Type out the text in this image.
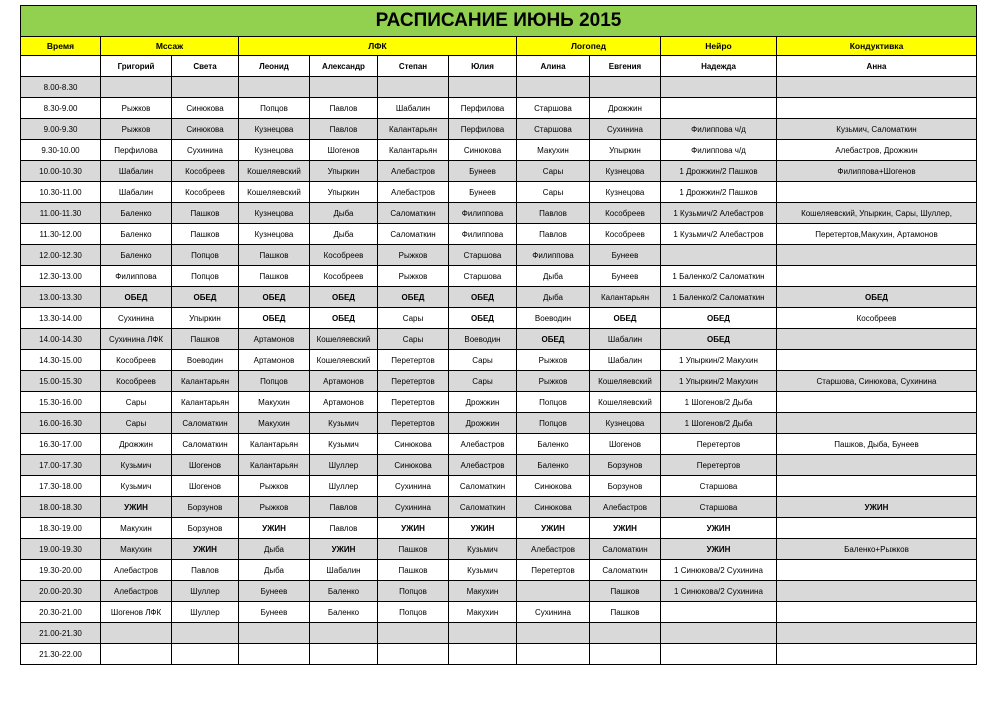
РАСПИСАНИЕ ИЮНЬ 2015										
Время	Мссаж		ЛФК				Логопед		Нейро	Кондуктивка
	Григорий	Света	Леонид	Александр	Степан	Юлия	Алина	Евгения	Надежда	Анна
8.00-8.30										
8.30-9.00	Рыжков	Синюкова	Попцов	Павлов	Шабалин	Перфилова	Старшова	Дрожжин		
9.00-9.30	Рыжков	Синюкова	Кузнецова	Павлов	Калантарьян	Перфилова	Старшова	Сухинина	Филиппова ч/д	Кузьмич, Саломаткин
9.30-10.00	Перфилова	Сухинина	Кузнецова	Шогенов	Калантарьян	Синюкова	Макухин	Упыркин	Филиппова ч/д	Алебастров, Дрожжин
10.00-10.30	Шабалин	Кособреев	Кошеляевский	Упыркин	Алебастров	Бунеев	Сары	Кузнецова	1 Дрожжин/2 Пашков	Филиппова+Шогенов
10.30-11.00	Шабалин	Кособреев	Кошеляевский	Упыркин	Алебастров	Бунеев	Сары	Кузнецова	1 Дрожжин/2 Пашков	
11.00-11.30	Баленко	Пашков	Кузнецова	Дыба	Саломаткин	Филиппова	Павлов	Кособреев	1 Кузьмич/2 Алебастров	Кошеляевский, Упыркин, Сары, Шуллер,
11.30-12.00	Баленко	Пашков	Кузнецова	Дыба	Саломаткин	Филиппова	Павлов	Кособреев	1 Кузьмич/2 Алебастров	Перетертов,Макухин, Артамонов
12.00-12.30	Баленко	Попцов	Пашков	Кособреев	Рыжков	Старшова	Филиппова	Бунеев		
12.30-13.00	Филиппова	Попцов	Пашков	Кособреев	Рыжков	Старшова	Дыба	Бунеев	1 Баленко/2 Саломаткин	
13.00-13.30	ОБЕД	ОБЕД	ОБЕД	ОБЕД	ОБЕД	ОБЕД	Дыба	Калантарьян	1 Баленко/2 Саломаткин	ОБЕД
13.30-14.00	Сухинина	Упыркин	ОБЕД	ОБЕД	Сары	ОБЕД	Воеводин	ОБЕД	ОБЕД	Кособреев
14.00-14.30	Сухинина ЛФК	Пашков	Артамонов	Кошеляевский	Сары	Воеводин	ОБЕД	Шабалин	ОБЕД	
14.30-15.00	Кособреев	Воеводин	Артамонов	Кошеляевский	Перетертов	Сары	Рыжков	Шабалин	1 Упыркин/2 Макухин	
15.00-15.30	Кособреев	Калантарьян	Попцов	Артамонов	Перетертов	Сары	Рыжков	Кошеляевский	1 Упыркин/2 Макухин	Старшова, Синюкова, Сухинина
15.30-16.00	Сары	Калантарьян	Макухин	Артамонов	Перетертов	Дрожжин	Попцов	Кошеляевский	1 Шогенов/2 Дыба	
16.00-16.30	Сары	Саломаткин	Макухин	Кузьмич	Перетертов	Дрожжин	Попцов	Кузнецова	1 Шогенов/2 Дыба	
16.30-17.00	Дрожжин	Саломаткин	Калантарьян	Кузьмич	Синюкова	Алебастров	Баленко	Шогенов	Перетертов	Пашков, Дыба, Бунеев
17.00-17.30	Кузьмич	Шогенов	Калантарьян	Шуллер	Синюкова	Алебастров	Баленко	Борзунов	Перетертов	
17.30-18.00	Кузьмич	Шогенов	Рыжков	Шуллер	Сухинина	Саломаткин	Синюкова	Борзунов	Старшова	
18.00-18.30	УЖИН	Борзунов	Рыжков	Павлов	Сухинина	Саломаткин	Синюкова	Алебастров	Старшова	УЖИН
18.30-19.00	Макухин	Борзунов	УЖИН	Павлов	УЖИН	УЖИН	УЖИН	УЖИН	УЖИН	
19.00-19.30	Макухин	УЖИН	Дыба	УЖИН	Пашков	Кузьмич	Алебастров	Саломаткин	УЖИН	Баленко+Рыжков
19.30-20.00	Алебастров	Павлов	Дыба	Шабалин	Пашков	Кузьмич	Перетертов	Саломаткин	1 Синюкова/2 Сухинина	
20.00-20.30	Алебастров	Шуллер	Бунеев	Баленко	Попцов	Макухин		Пашков	1 Синюкова/2 Сухинина	
20.30-21.00	Шогенов ЛФК	Шуллер	Бунеев	Баленко	Попцов	Макухин	Сухинина	Пашков		
21.00-21.30										
21.30-22.00										
